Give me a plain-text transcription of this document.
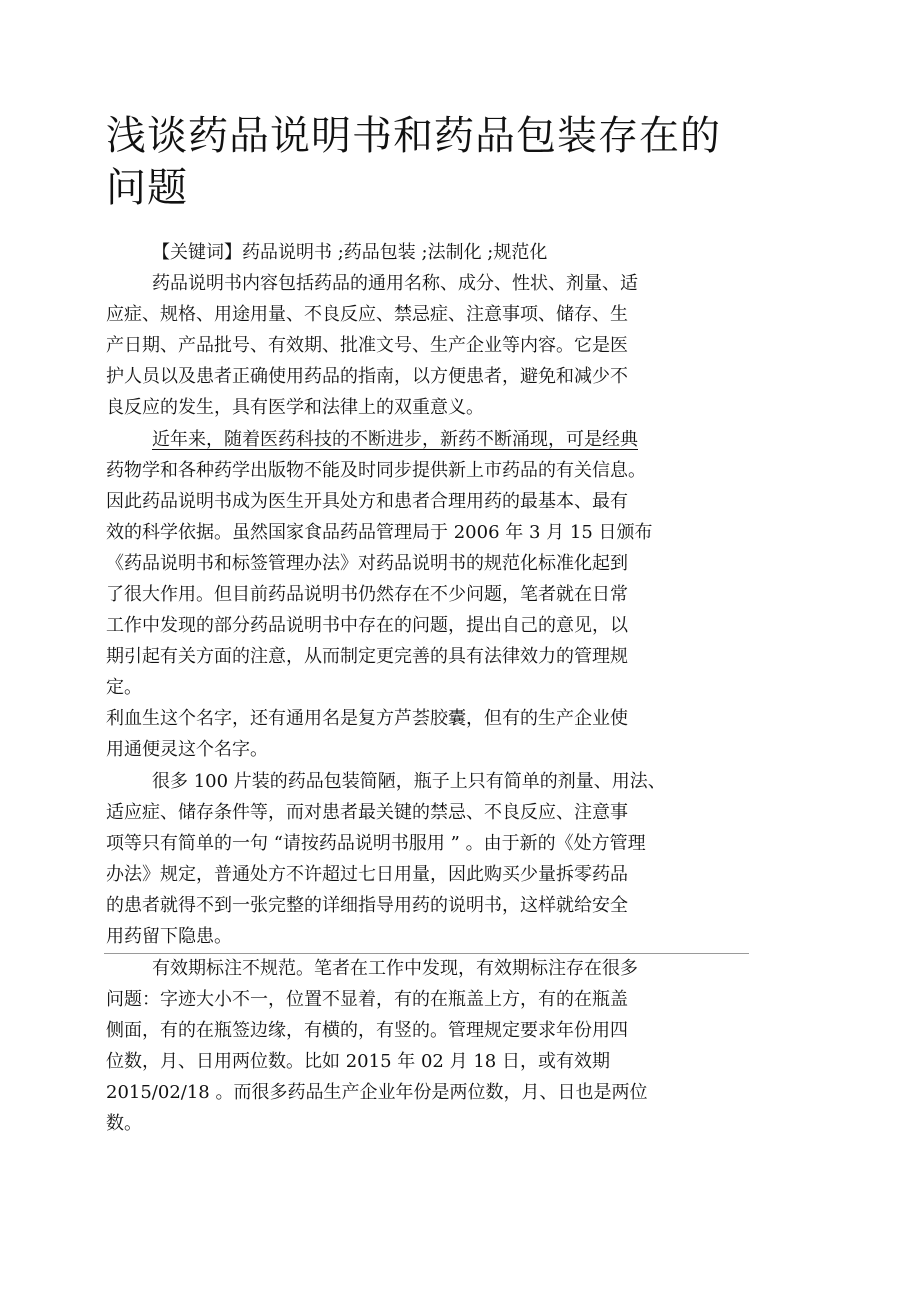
浅谈药品说明书和药品包装存在的问题

【关键词】药品说明书 ;药品包装 ;法制化 ;规范化

药品说明书内容包括药品的通用名称、成分、性状、剂量、适

应症、规格、用途用量、不良反应、禁忌症、注意事项、储存、生

产日期、产品批号、有效期、批准文号、生产企业等内容。它是医

护人员以及患者正确使用药品的指南，以方便患者，避免和减少不

良反应的发生，具有医学和法律上的双重意义。

近年来，随着医药科技的不断进步，新药不断涌现，可是经典

药物学和各种药学出版物不能及时同步提供新上市药品的有关信息。

因此药品说明书成为医生开具处方和患者合理用药的最基本、最有

效的科学依据。虽然国家食品药品管理局于 2006 年 3 月 15 日颁布

《药品说明书和标签管理办法》对药品说明书的规范化标准化起到

了很大作用。但目前药品说明书仍然存在不少问题，笔者就在日常

工作中发现的部分药品说明书中存在的问题，提出自己的意见，以

期引起有关方面的注意，从而制定更完善的具有法律效力的管理规

定。

利血生这个名字，还有通用名是复方芦荟胶囊，但有的生产企业使

用通便灵这个名字。

很多 100 片装的药品包装简陋，瓶子上只有简单的剂量、用法、

适应症、储存条件等，而对患者最关键的禁忌、不良反应、注意事

项等只有简单的一句 “请按药品说明书服用 ” 。由于新的《处方管理

办法》规定，普通处方不许超过七日用量，因此购买少量拆零药品

的患者就得不到一张完整的详细指导用药的说明书，这样就给安全

用药留下隐患。

有效期标注不规范。笔者在工作中发现，有效期标注存在很多

问题：字迹大小不一，位置不显着，有的在瓶盖上方，有的在瓶盖

侧面，有的在瓶签边缘，有横的，有竖的。管理规定要求年份用四

位数，月、日用两位数。比如 2015 年 02 月 18 日，或有效期

2015/02/18 。而很多药品生产企业年份是两位数，月、日也是两位

数。
